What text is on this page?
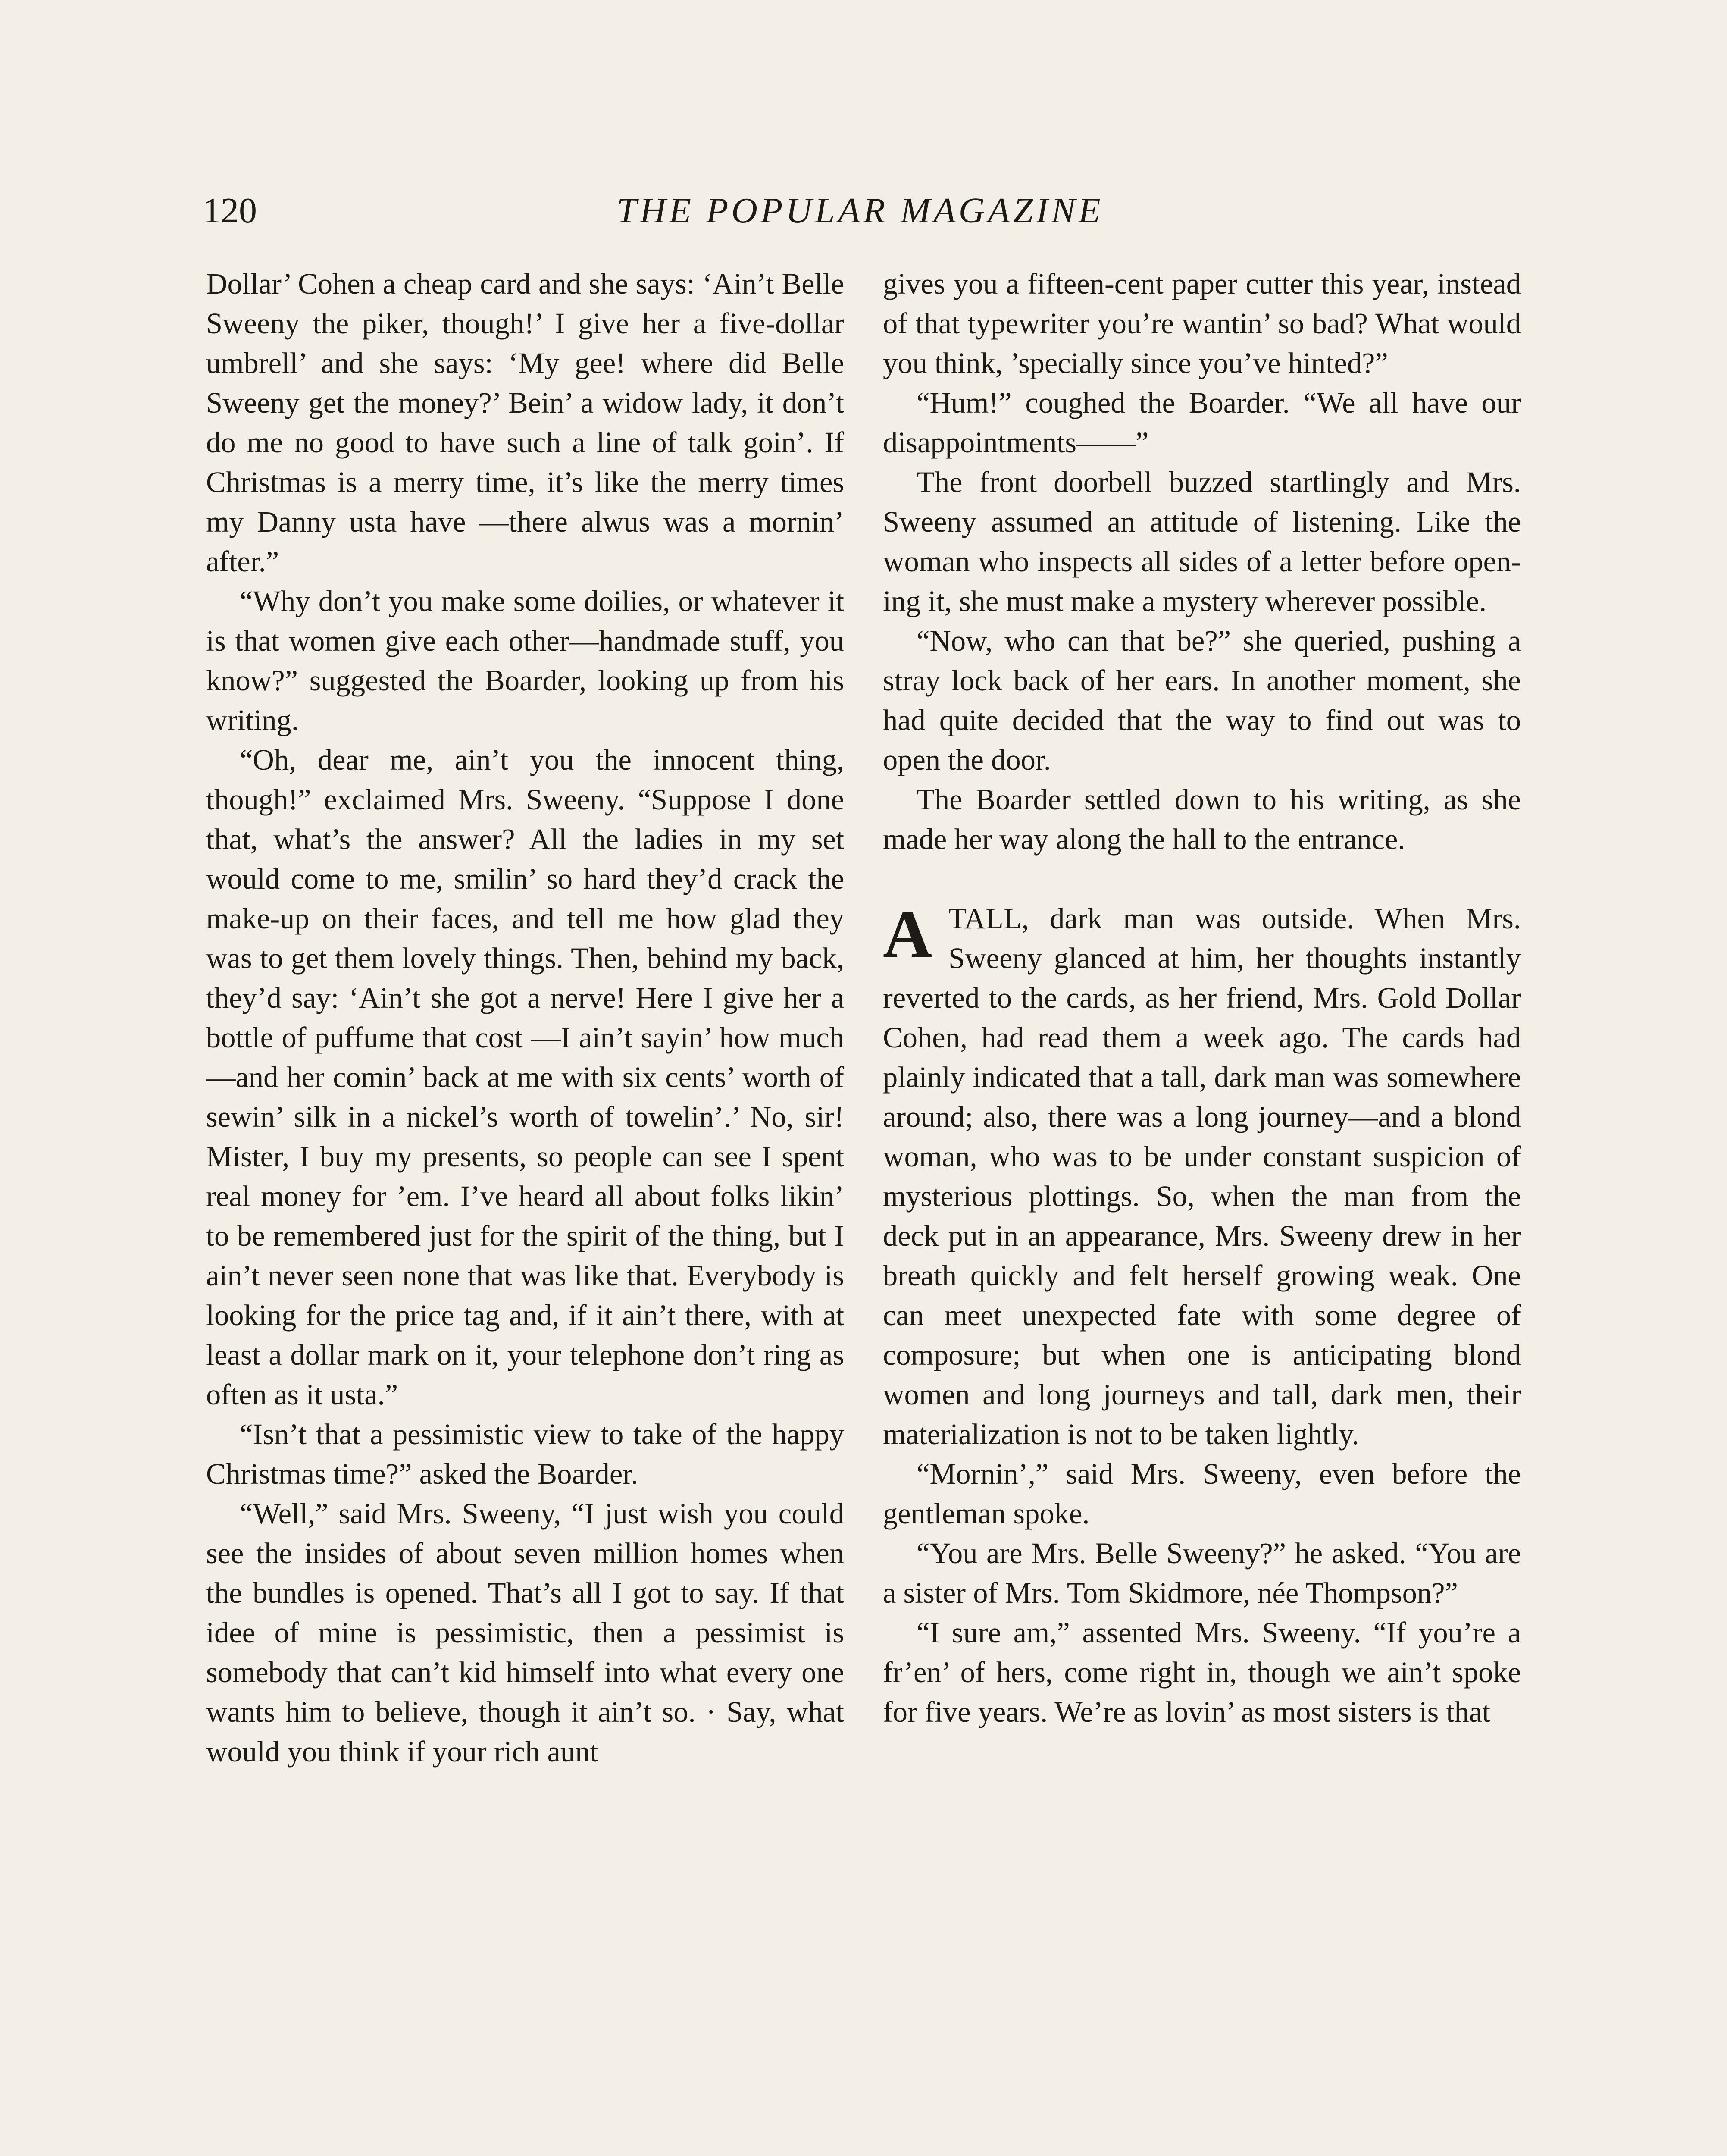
120	THE POPULAR MAGAZINE

Dollar’ Cohen a cheap card and she says: ‘Ain’t Belle Sweeny the piker, though!’ I give her a five-dollar umbrell’ and she says: ‘My gee! where did Belle Sweeny get the money?’ Bein’ a widow lady, it don’t do me no good to have such a line of talk goin’. If Christmas is a merry time, it’s like the merry times my Danny usta have —there alwus was a mornin’ after.”

“Why don’t you make some doilies, or whatever it is that women give each other—handmade stuff, you know?” suggested the Boarder, looking up from his writing.

“Oh, dear me, ain’t you the innocent thing, though!” exclaimed Mrs. Sweeny. “Suppose I done that, what’s the answer? All the ladies in my set would come to me, smilin’ so hard they’d crack the make-up on their faces, and tell me how glad they was to get them lovely things. Then, behind my back, they’d say: ‘Ain’t she got a nerve! Here I give her a bottle of puffume that cost —I ain’t sayin’ how much—and her comin’ back at me with six cents’ worth of sewin’ silk in a nickel’s worth of towelin’.’ No, sir! Mister, I buy my presents, so people can see I spent real money for ’em. I’ve heard all about folks likin’ to be remembered just for the spirit of the thing, but I ain’t never seen none that was like that. Everybody is looking for the price tag and, if it ain’t there, with at least a dollar mark on it, your telephone don’t ring as often as it usta.”

“Isn’t that a pessimistic view to take of the happy Christmas time?” asked the Boarder.

“Well,” said Mrs. Sweeny, “I just wish you could see the insides of about seven million homes when the bundles is opened. That’s all I got to say. If that idee of mine is pessimistic, then a pessimist is somebody that can’t kid himself into what every one wants him to believe, though it ain’t so. · Say, what would you think if your rich aunt

gives you a fifteen-cent paper cutter this year, instead of that typewriter you’re wantin’ so bad? What would you think, ’specially since you’ve hinted?”

“Hum!” coughed the Boarder. “We all have our disappointments——”

The front doorbell buzzed startlingly and Mrs. Sweeny assumed an attitude of listening. Like the woman who inspects all sides of a letter before opening it, she must make a mystery wherever possible.

“Now, who can that be?” she queried, pushing a stray lock back of her ears. In another moment, she had quite decided that the way to find out was to open the door.

The Boarder settled down to his writing, as she made her way along the hall to the entrance.

A TALL, dark man was outside. When Mrs. Sweeny glanced at him, her thoughts instantly reverted to the cards, as her friend, Mrs. Gold Dollar Cohen, had read them a week ago. The cards had plainly indicated that a tall, dark man was somewhere around; also, there was a long journey—and a blond woman, who was to be under constant suspicion of mysterious plottings. So, when the man from the deck put in an appearance, Mrs. Sweeny drew in her breath quickly and felt herself growing weak. One can meet unexpected fate with some degree of composure; but when one is anticipating blond women and long journeys and tall, dark men, their materialization is not to be taken lightly.

“Mornin’,” said Mrs. Sweeny, even before the gentleman spoke.

“You are Mrs. Belle Sweeny?” he asked. “You are a sister of Mrs. Tom Skidmore, née Thompson?”

“I sure am,” assented Mrs. Sweeny. “If you’re a fr’en’ of hers, come right in, though we ain’t spoke for five years. We’re as lovin’ as most sisters is that
